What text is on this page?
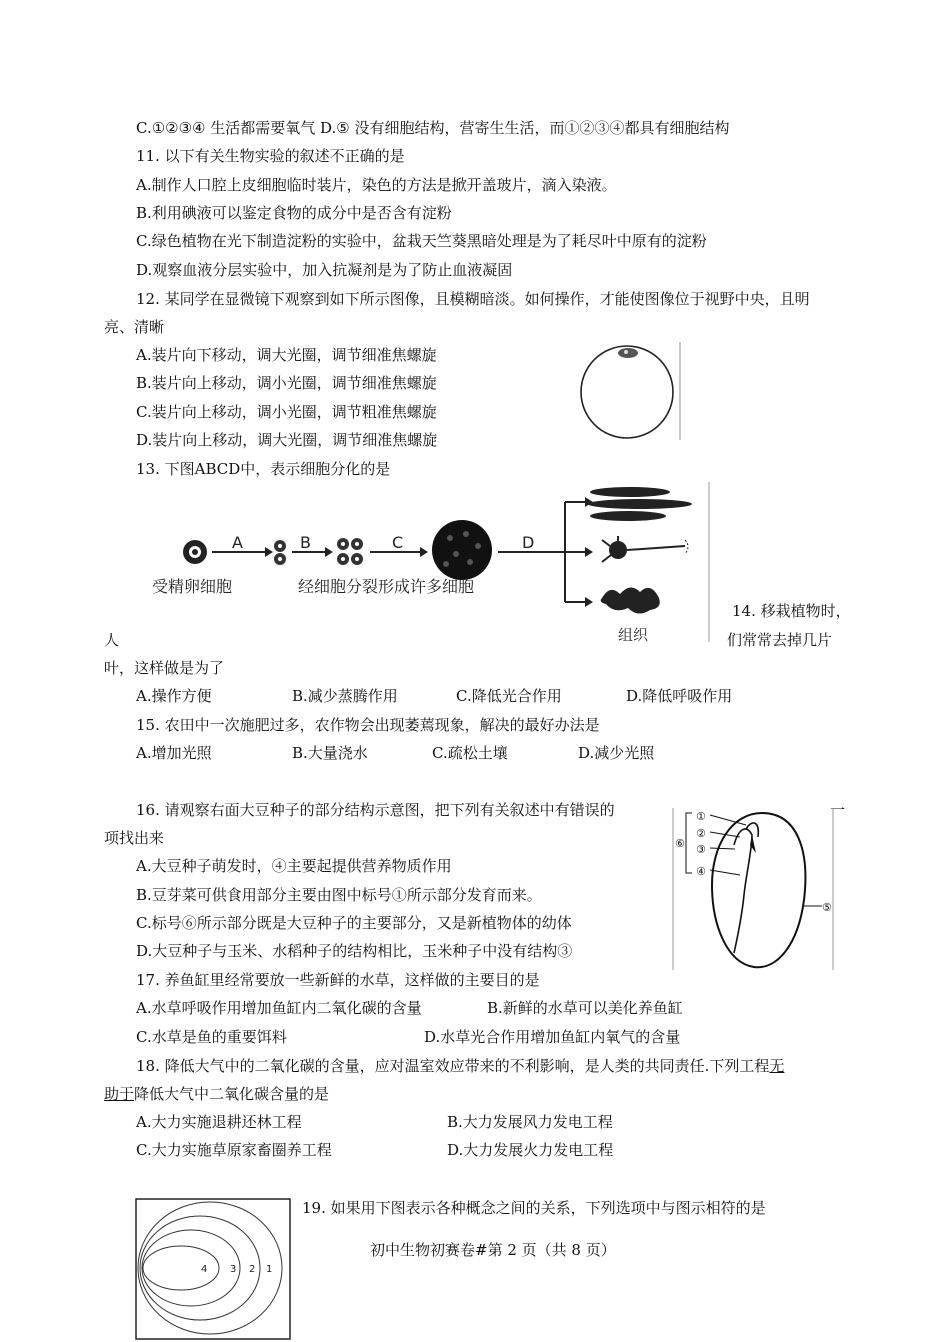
C.①②③④ 生活都需要氧气 D.⑤ 没有细胞结构，营寄生生活，而①②③④都具有细胞结构
11. 以下有关生物实验的叙述不正确的是
A.制作人口腔上皮细胞临时装片，染色的方法是掀开盖玻片，滴入染液。
B.利用碘液可以鉴定食物的成分中是否含有淀粉
C.绿色植物在光下制造淀粉的实验中，盆栽天竺葵黑暗处理是为了耗尽叶中原有的淀粉
D.观察血液分层实验中，加入抗凝剂是为了防止血液凝固
12. 某同学在显微镜下观察到如下所示图像，且模糊暗淡。如何操作，才能使图像位于视野中央，且明
亮、清晰
A.装片向下移动，调大光圈，调节细准焦螺旋
B.装片向上移动，调小光圈，调节细准焦螺旋
C.装片向上移动，调小光圈，调节粗准焦螺旋
D.装片向上移动，调大光圈，调节细准焦螺旋
13. 下图ABCD中，表示细胞分化的是
A	B	C	D
组织
受精卵细胞	经细胞分裂形成许多细胞
14. 移栽植物时，
人	们常常去掉几片
叶，这样做是为了
A.操作方便	B.减少蒸腾作用	C.降低光合作用	D.降低呼吸作用
15. 农田中一次施肥过多，农作物会出现萎蔫现象，解决的最好办法是
A.增加光照	B.大量浇水	C.疏松土壤	D.减少光照
16. 请观察右面大豆种子的部分结构示意图，把下列有关叙述中有错误的	一
项找出来
A.大豆种子萌发时，④主要起提供营养物质作用
B.豆芽菜可供食用部分主要由图中标号①所示部分发育而来。
C.标号⑥所示部分既是大豆种子的主要部分，又是新植物体的幼体
D.大豆种子与玉米、水稻种子的结构相比，玉米种子中没有结构③
①
②
③
④
⑤
⑥
17. 养鱼缸里经常要放一些新鲜的水草，这样做的主要目的是
A.水草呼吸作用增加鱼缸内二氧化碳的含量	B.新鲜的水草可以美化养鱼缸
C.水草是鱼的重要饵料	D.水草光合作用增加鱼缸内氧气的含量
18. 降低大气中的二氧化碳的含量，应对温室效应带来的不利影响，是人类的共同责任.下列工程无
助于降低大气中二氧化碳含量的是
A.大力实施退耕还林工程	B.大力发展风力发电工程
C.大力实施草原家畜圈养工程	D.大力发展火力发电工程
4 3 2 1
19. 如果用下图表示各种概念之间的关系，下列选项中与图示相符的是
初中生物初赛卷#第 2 页（共 8 页）
